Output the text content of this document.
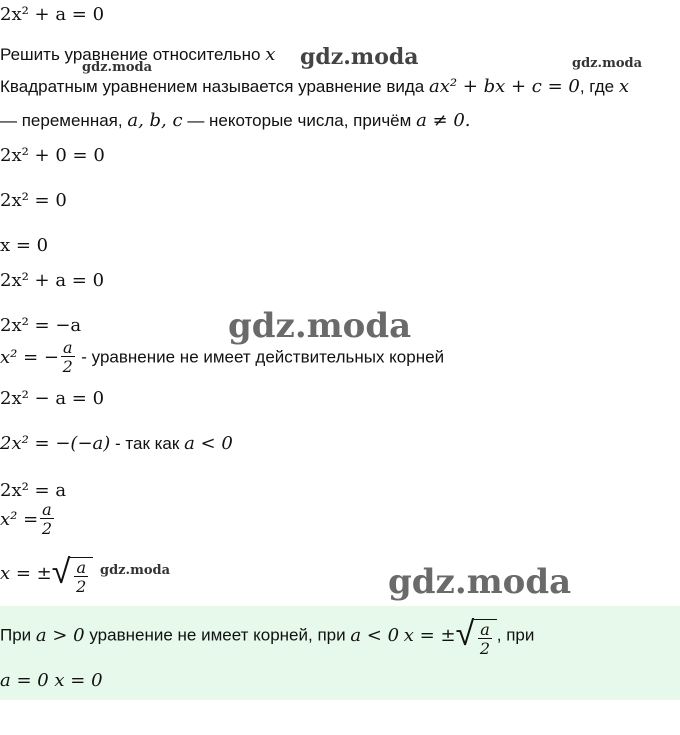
2x² + a = 0
Решить уравнение относительно x
Квадратным уравнением называется уравнение вида ax² + bx + c = 0, где x
— переменная, a, b, c — некоторые числа, причём a ≠ 0.
2x² + 0 = 0
2x² = 0
x = 0
2x² + a = 0
2x² = −a
x² = − $\frac{a}{2}$ - уравнение не имеет действительных корней
2x² − a = 0
2x² = −(−a) - так как a < 0
2x² = a
$x^2 = \frac{a}{2}$
x = ± √ $\frac{a}{2}$
При a > 0 уравнение не имеет корней, при a < 0 x = ± √ $\frac{a}{2}$ , при
a = 0 x = 0
gdz.moda
gdz.moda	gdz.moda
gdz.moda
gdz.moda	gdz.moda
